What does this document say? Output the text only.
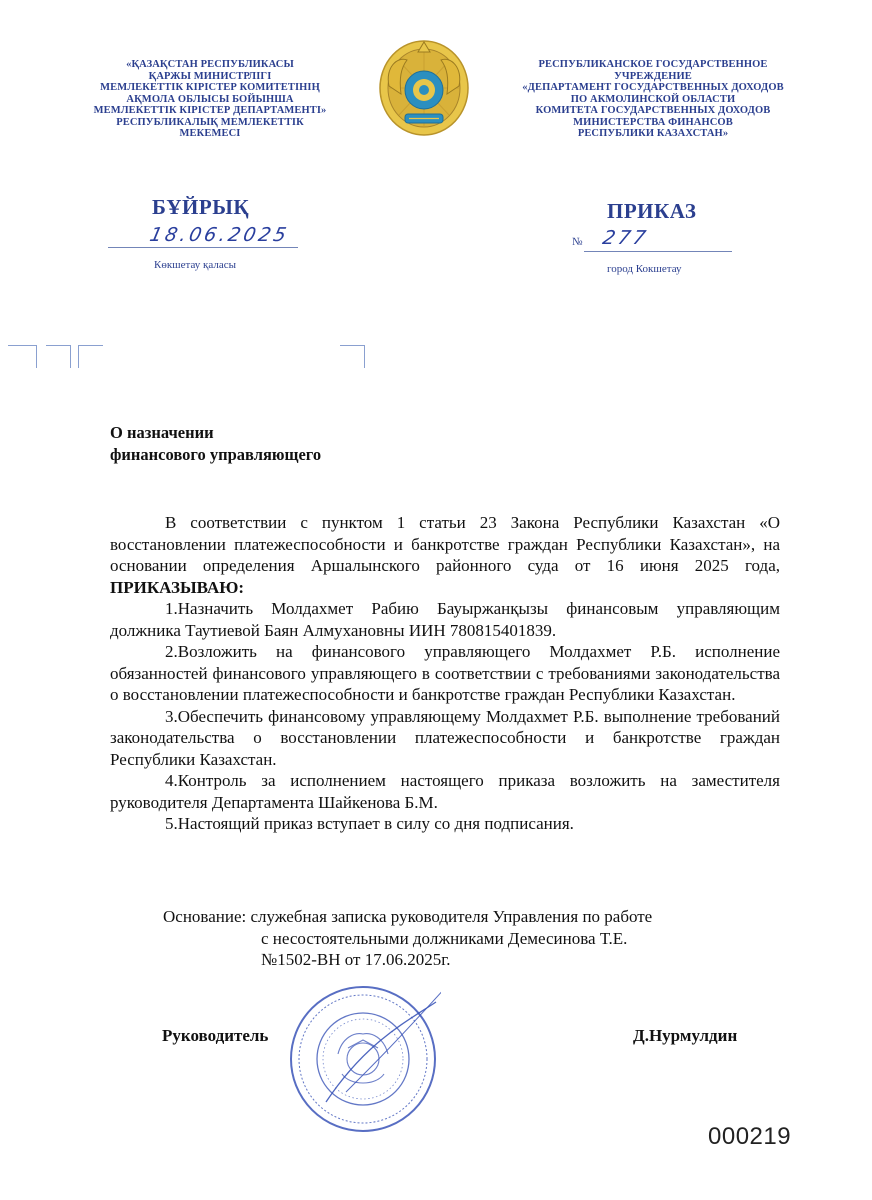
«ҚАЗАҚСТАН РЕСПУБЛИКАСЫ
ҚАРЖЫ МИНИСТРЛІГІ
МЕМЛЕКЕТТІК КІРІСТЕР КОМИТЕТІНІҢ
АҚМОЛА ОБЛЫСЫ БОЙЫНША
МЕМЛЕКЕТТІК КІРІСТЕР ДЕПАРТАМЕНТІ»
РЕСПУБЛИКАЛЫҚ МЕМЛЕКЕТТІК
МЕКЕМЕСІ
РЕСПУБЛИКАНСКОЕ ГОСУДАРСТВЕННОЕ
УЧРЕЖДЕНИЕ
«ДЕПАРТАМЕНТ ГОСУДАРСТВЕННЫХ ДОХОДОВ
ПО АКМОЛИНСКОЙ ОБЛАСТИ
КОМИТЕТА ГОСУДАРСТВЕННЫХ ДОХОДОВ
МИНИСТЕРСТВА ФИНАНСОВ
РЕСПУБЛИКИ КАЗАХСТАН»
БҰЙРЫҚ	ПРИКАЗ
18.06.2025	№ 277
Көкшетау қаласы	город Кокшетау
О назначении
финансового управляющего

В соответствии с пунктом 1 статьи 23 Закона Республики Казахстан «О восстановлении платежеспособности и банкротстве граждан Республики Казахстан», на основании определения Аршалынского районного суда от 16 июня 2025 года, ПРИКАЗЫВАЮ:

1.Назначить Молдахмет Рабию Бауыржанқызы финансовым управляющим должника Таутиевой Баян Алмухановны ИИН 780815401839.

2.Возложить на финансового управляющего Молдахмет Р.Б. исполнение обязанностей финансового управляющего в соответствии с требованиями законодательства о восстановлении платежеспособности и банкротстве граждан Республики Казахстан.

3.Обеспечить финансовому управляющему Молдахмет Р.Б. выполнение требований законодательства о восстановлении платежеспособности и банкротстве граждан Республики Казахстан.

4.Контроль за исполнением настоящего приказа возложить на заместителя руководителя Департамента Шайкенова Б.М.

5.Настоящий приказ вступает в силу со дня подписания.

Основание: служебная записка руководителя Управления по работе
с несостоятельными должниками Демесинова Т.Е.
№1502-ВН от 17.06.2025г.
Руководитель	Д.Нурмулдин
000219
